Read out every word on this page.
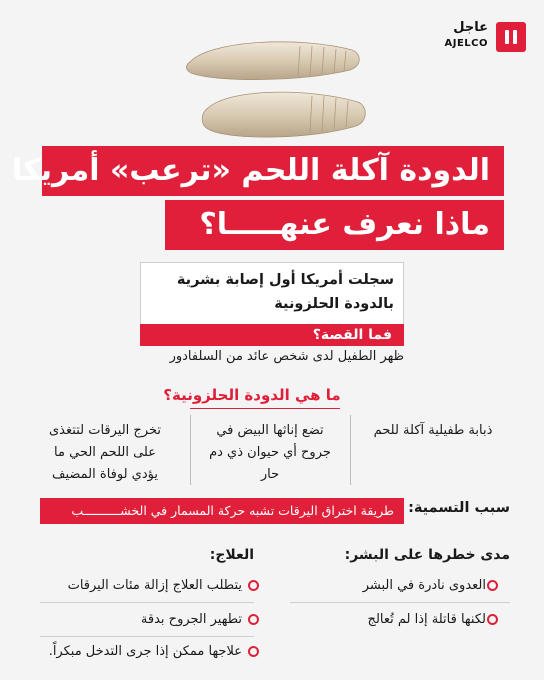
عاجل
AJELCO
الدودة آكلة اللحم «ترعب» أمريكا
ماذا نعرف عنهـــــا؟
سجلت أمريكا أول إصابة بشرية بالدودة الحلزونية
فما القصة؟
ظهر الطفيل لدى شخص عائد من السلفادور
ما هي الدودة الحلزونية؟
ذبابة طفيلية آكلة للحم
تضع إناثها البيض في جروح أي حيوان ذي دم حار
تخرج اليرقات لتتغذى على اللحم الحي ما يؤدي لوفاة المضيف
سبب التسمية:
طريقة اختراق اليرقات تشبه حركة المسمار في الخشــــــــــب
مدى خطرها على البشر:
العدوى نادرة في البشر
لكنها قاتلة إذا لم تُعالج
العلاج:
يتطلب العلاج إزالة مئات اليرقات
تطهير الجروح بدقة
علاجها ممكن إذا جرى التدخل مبكراً.
